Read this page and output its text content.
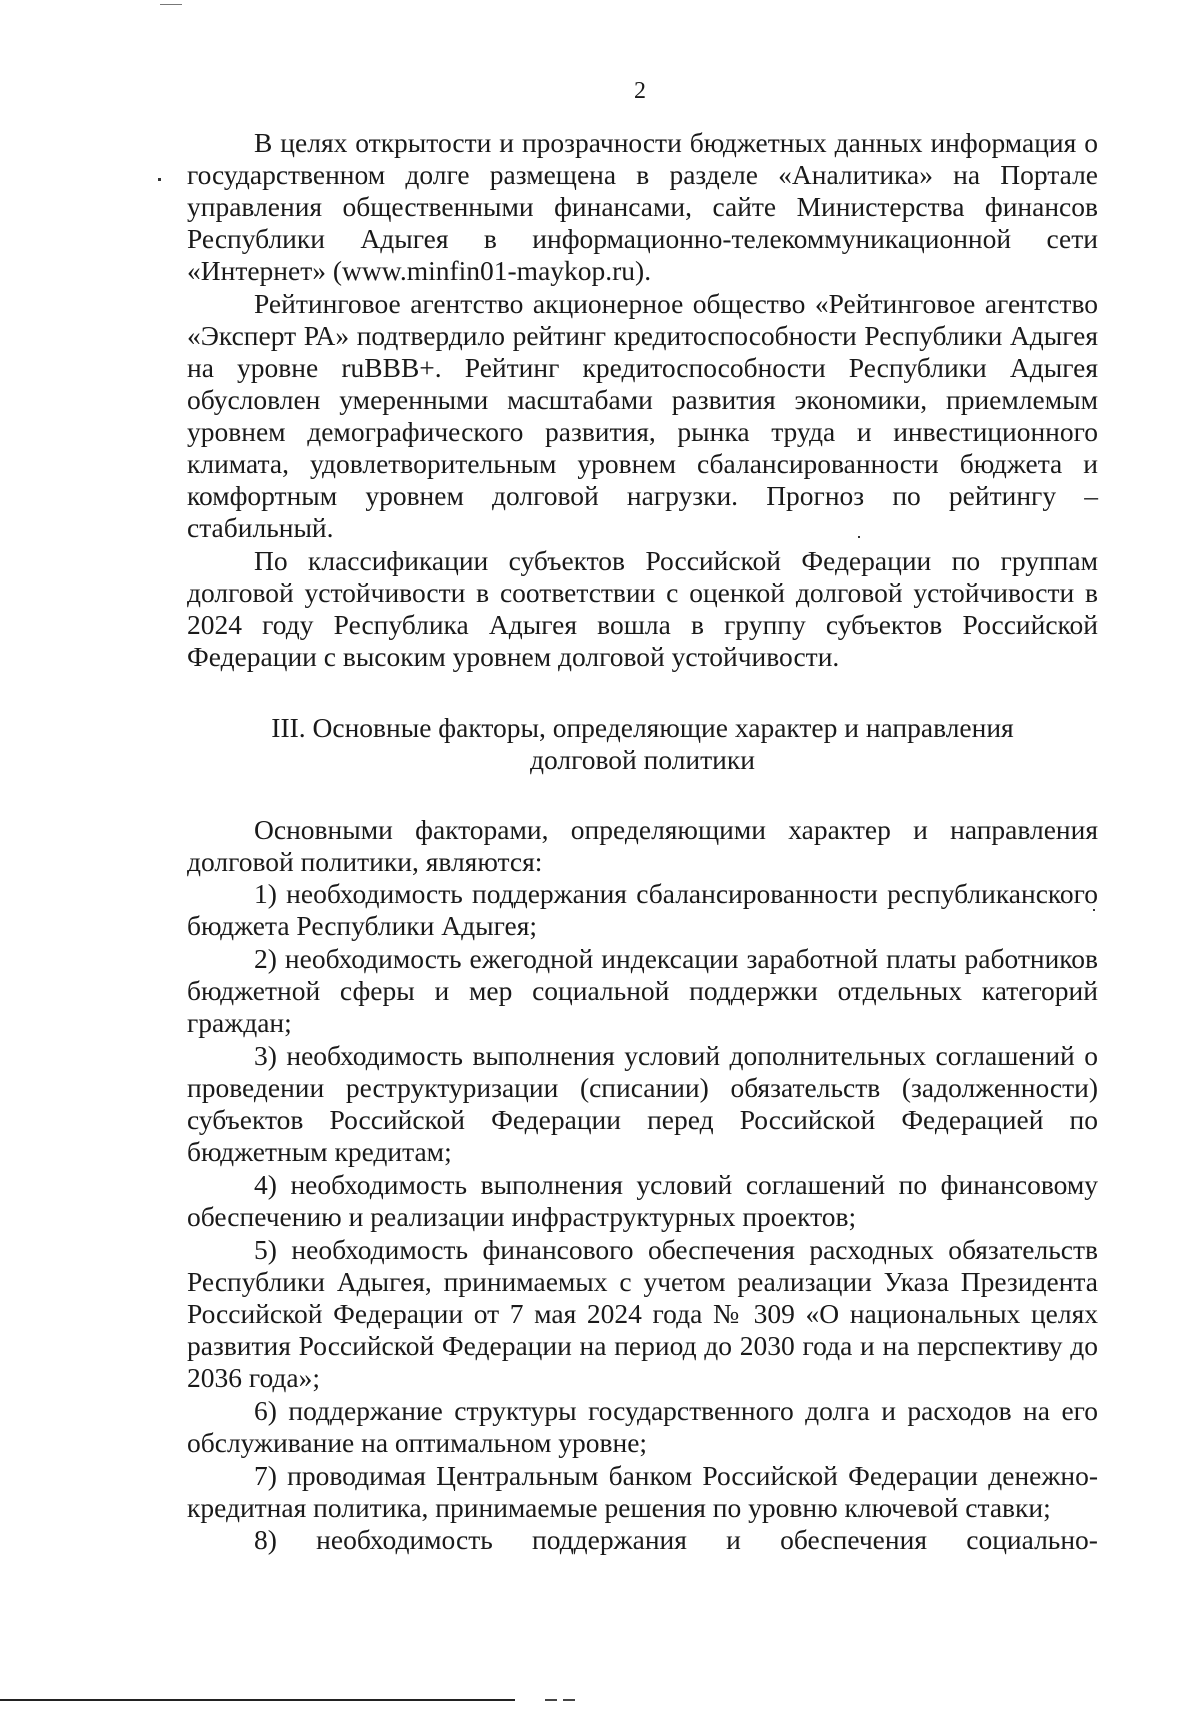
2

В целях открытости и прозрачности бюджетных данных информация о государственном долге размещена в разделе «Аналитика» на Портале управления общественными финансами, сайте Министерства финансов Республики Адыгея в информационно-телекоммуникационной сети «Интернет» (www.minfin01-maykop.ru).

Рейтинговое агентство акционерное общество «Рейтинговое агентство «Эксперт РА» подтвердило рейтинг кредитоспособности Республики Адыгея на уровне ruBBB+. Рейтинг кредитоспособности Республики Адыгея обусловлен умеренными масштабами развития экономики, приемлемым уровнем демографического развития, рынка труда и инвестиционного климата, удовлетворительным уровнем сбалансированности бюджета и комфортным уровнем долговой нагрузки. Прогноз по рейтингу – стабильный.

По классификации субъектов Российской Федерации по группам долговой устойчивости в соответствии с оценкой долговой устойчивости в 2024 году Республика Адыгея вошла в группу субъектов Российской Федерации с высоким уровнем долговой устойчивости.

III. Основные факторы, определяющие характер и направления
долговой политики

Основными факторами, определяющими характер и направления долговой политики, являются:

1) необходимость поддержания сбалансированности республиканского бюджета Республики Адыгея;

2) необходимость ежегодной индексации заработной платы работников бюджетной сферы и мер социальной поддержки отдельных категорий граждан;

3) необходимость выполнения условий дополнительных соглашений о проведении реструктуризации (списании) обязательств (задолженности) субъектов Российской Федерации перед Российской Федерацией по бюджетным кредитам;

4) необходимость выполнения условий соглашений по финансовому обеспечению и реализации инфраструктурных проектов;

5) необходимость финансового обеспечения расходных обязательств Республики Адыгея, принимаемых с учетом реализации Указа Президента Российской Федерации от 7 мая 2024 года № 309 «О национальных целях развития Российской Федерации на период до 2030 года и на перспективу до 2036 года»;

6) поддержание структуры государственного долга и расходов на его обслуживание на оптимальном уровне;

7) проводимая Центральным банком Российской Федерации денежно-кредитная политика, принимаемые решения по уровню ключевой ставки;

8) необходимость поддержания и обеспечения социально-
